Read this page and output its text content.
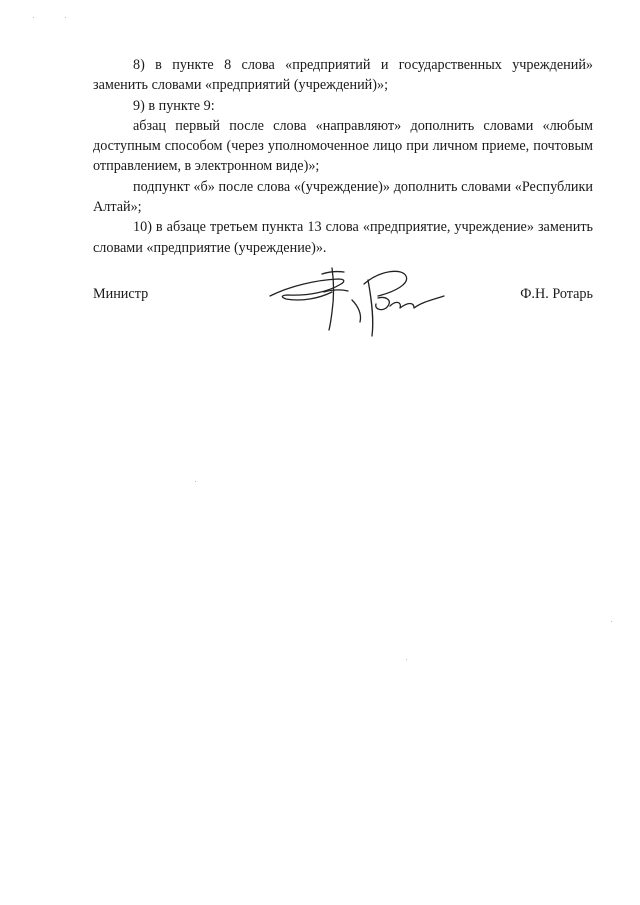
8) в пункте 8 слова «предприятий и государственных учреждений» заменить словами «предприятий (учреждений)»;

9) в пункте 9:

абзац первый после слова «направляют» дополнить словами «любым доступным способом (через уполномоченное лицо при личном приеме, почтовым отправлением, в электронном виде)»;

подпункт «б» после слова «(учреждение)» дополнить словами «Республики Алтай»;

10) в абзаце третьем пункта 13 слова «предприятие, учреждение» заменить словами «предприятие (учреждение)».

Министр	Ф.Н. Ротарь
